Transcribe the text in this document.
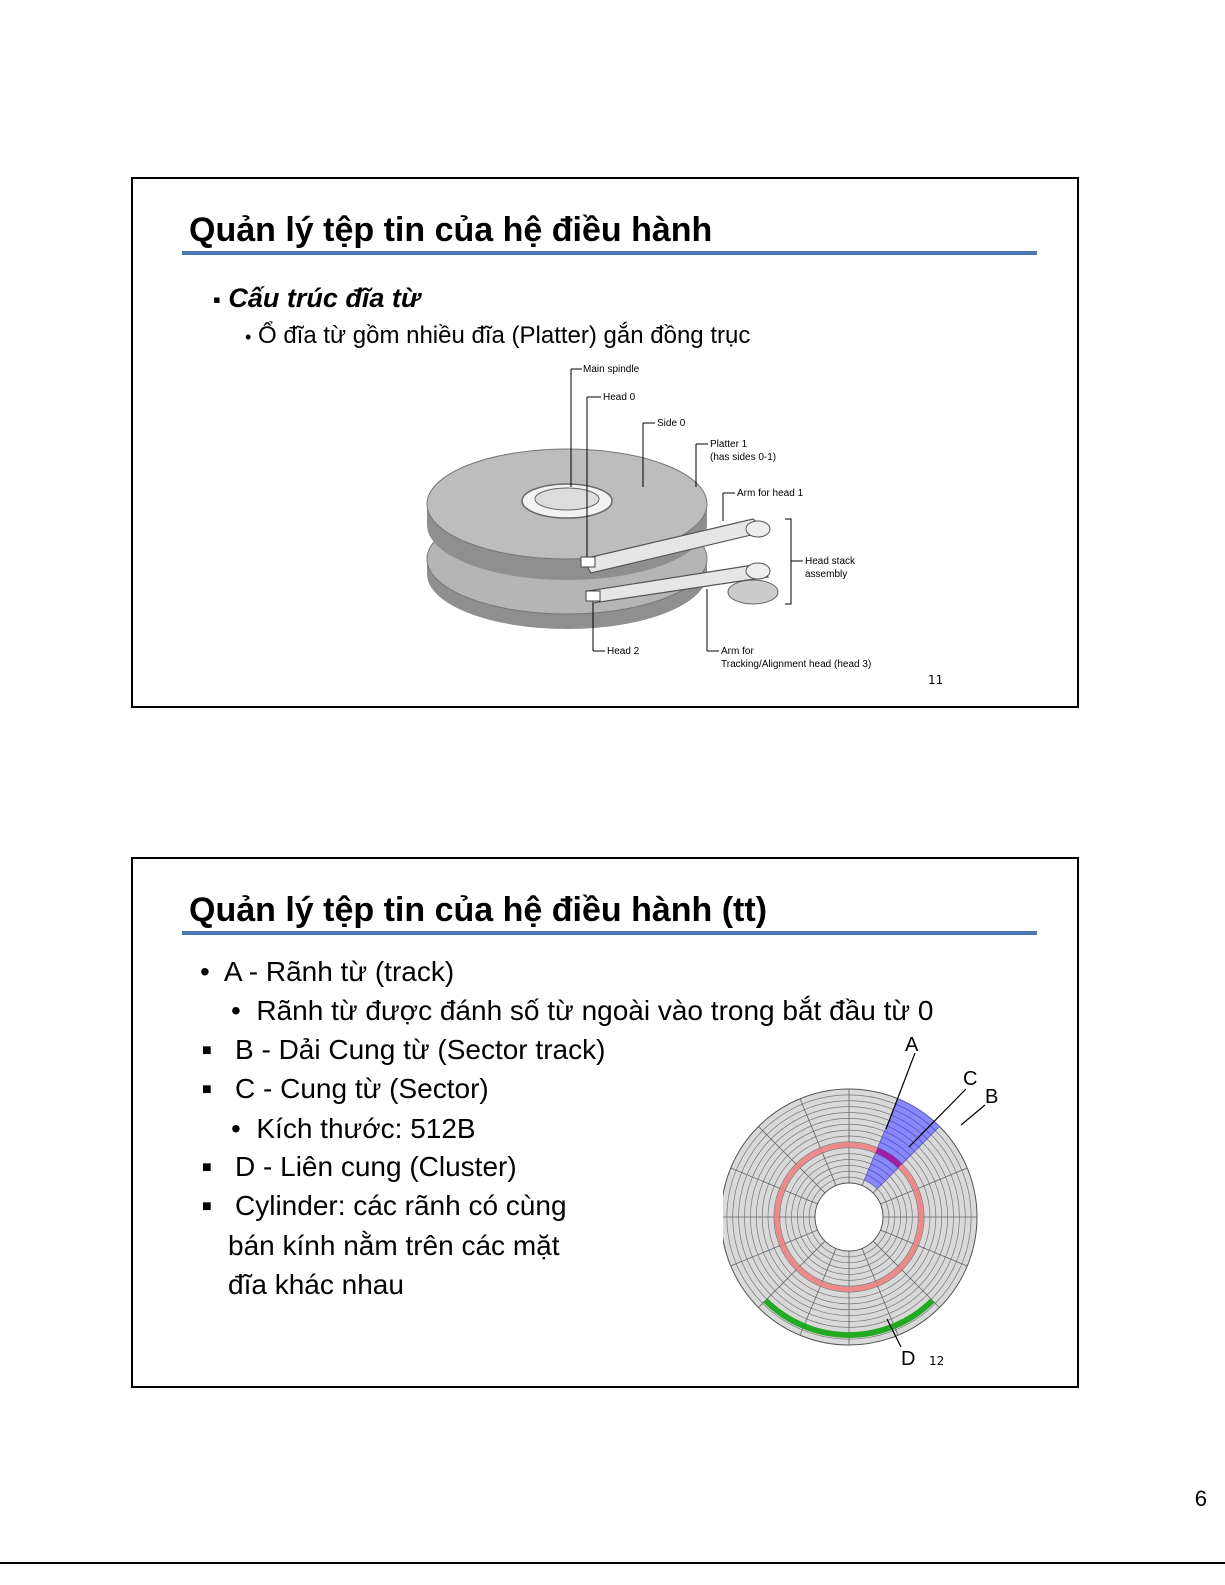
Quản lý tệp tin của hệ điều hành
▪ Cấu trúc đĩa từ
• Ổ đĩa từ gồm nhiều đĩa (Platter) gắn đồng trục
Main spindle
Head 0
Side 0
Platter 1
(has sides 0-1)
Arm for head 1
Head stack
assembly
Head 2	Arm for
Tracking/Alignment head (head 3)
11
Quản lý tệp tin của hệ điều hành (tt)
• A - Rãnh từ (track)
• Rãnh từ được đánh số từ ngoài vào trong bắt đầu từ 0
■ B - Dải Cung từ (Sector track)
■ C - Cung từ (Sector)
• Kích thước: 512B
■ D - Liên cung (Cluster)
■ Cylinder: các rãnh có cùng
bán kính nằm trên các mặt
đĩa khác nhau
A
C
B
D 12
6
